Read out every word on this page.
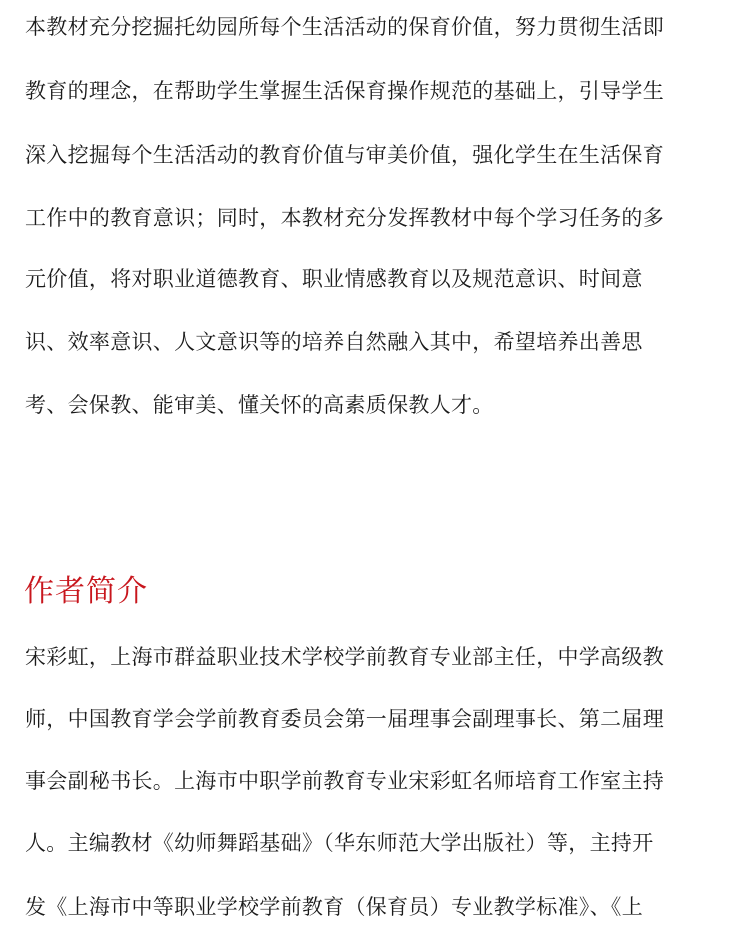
本教材充分挖掘托幼园所每个生活活动的保育价值，努力贯彻生活即

教育的理念，在帮助学生掌握生活保育操作规范的基础上，引导学生

深入挖掘每个生活活动的教育价值与审美价值，强化学生在生活保育

工作中的教育意识；同时，本教材充分发挥教材中每个学习任务的多

元价值，将对职业道德教育、职业情感教育以及规范意识、时间意

识、效率意识、人文意识等的培养自然融入其中，希望培养出善思

考、会保教、能审美、懂关怀的高素质保教人才。

作者简介

宋彩虹，上海市群益职业技术学校学前教育专业部主任，中学高级教

师，中国教育学会学前教育委员会第一届理事会副理事长、第二届理

事会副秘书长。上海市中职学前教育专业宋彩虹名师培育工作室主持

人。主编教材《幼师舞蹈基础》（华东师范大学出版社）等，主持开

发《上海市中等职业学校学前教育（保育员）专业教学标准》、《上
